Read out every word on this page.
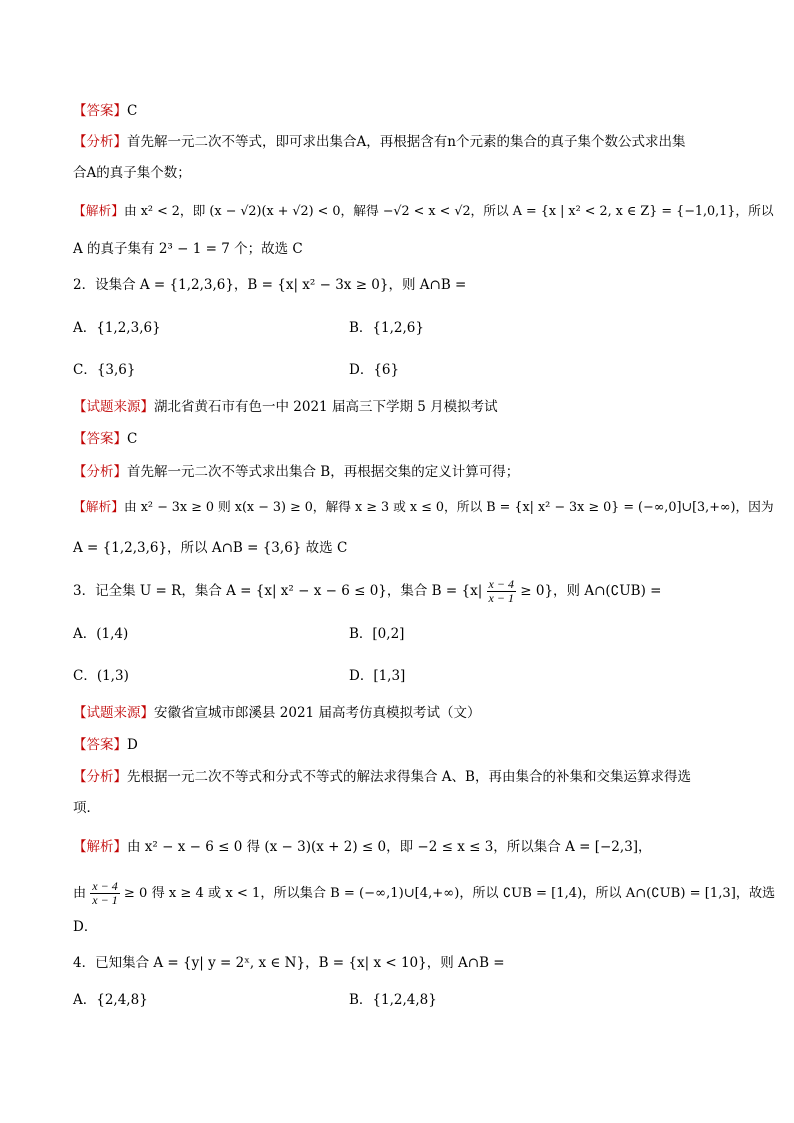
【答案】C
【分析】首先解一元二次不等式，即可求出集合A，再根据含有n个元素的集合的真子集个数公式求出集
合A的真子集个数；
【解析】由 x² < 2，即 (x − √2)(x + √2) < 0，解得 −√2 < x < √2，所以 A = {x | x² < 2, x ∈ Z} = {−1,0,1}，所以
A 的真子集有 2³ − 1 = 7 个；故选 C
2．设集合 A = {1,2,3,6}，B = {x| x² − 3x ≥ 0}，则 A∩B =
A．{1,2,3,6}	B．{1,2,6}
C．{3,6}	D．{6}
【试题来源】湖北省黄石市有色一中 2021 届高三下学期 5 月模拟考试
【答案】C
【分析】首先解一元二次不等式求出集合 B，再根据交集的定义计算可得；
【解析】由 x² − 3x ≥ 0 则 x(x − 3) ≥ 0，解得 x ≥ 3 或 x ≤ 0，所以 B = {x| x² − 3x ≥ 0} = (−∞,0]∪[3,+∞)，因为
A = {1,2,3,6}，所以 A∩B = {3,6} 故选 C
3．记全集 U = R，集合 A = {x| x² − x − 6 ≤ 0}，集合 $B = \{x| \frac{x - 4}{x - 1} \ge 0\}$，则 A∩(∁UB) =
A．(1,4)	B．[0,2]
C．(1,3)	D．[1,3]
【试题来源】安徽省宣城市郎溪县 2021 届高考仿真模拟考试（文）
【答案】D
【分析】先根据一元二次不等式和分式不等式的解法求得集合 A、B，再由集合的补集和交集运算求得选
项．
【解析】由 x² − x − 6 ≤ 0 得 (x − 3)(x + 2) ≤ 0，即 −2 ≤ x ≤ 3，所以集合 A = [−2,3]，
由 $\frac{x - 4}{x - 1} \ge 0$ 得 x ≥ 4 或 x < 1，所以集合 B = (−∞,1)∪[4,+∞)，所以 ∁UB = [1,4)，所以 A∩(∁UB) = [1,3]，故选
D．
4．已知集合 A = {y| y = 2ˣ, x ∈ N}，B = {x| x < 10}，则 A∩B =
A．{2,4,8}	B．{1,2,4,8}
